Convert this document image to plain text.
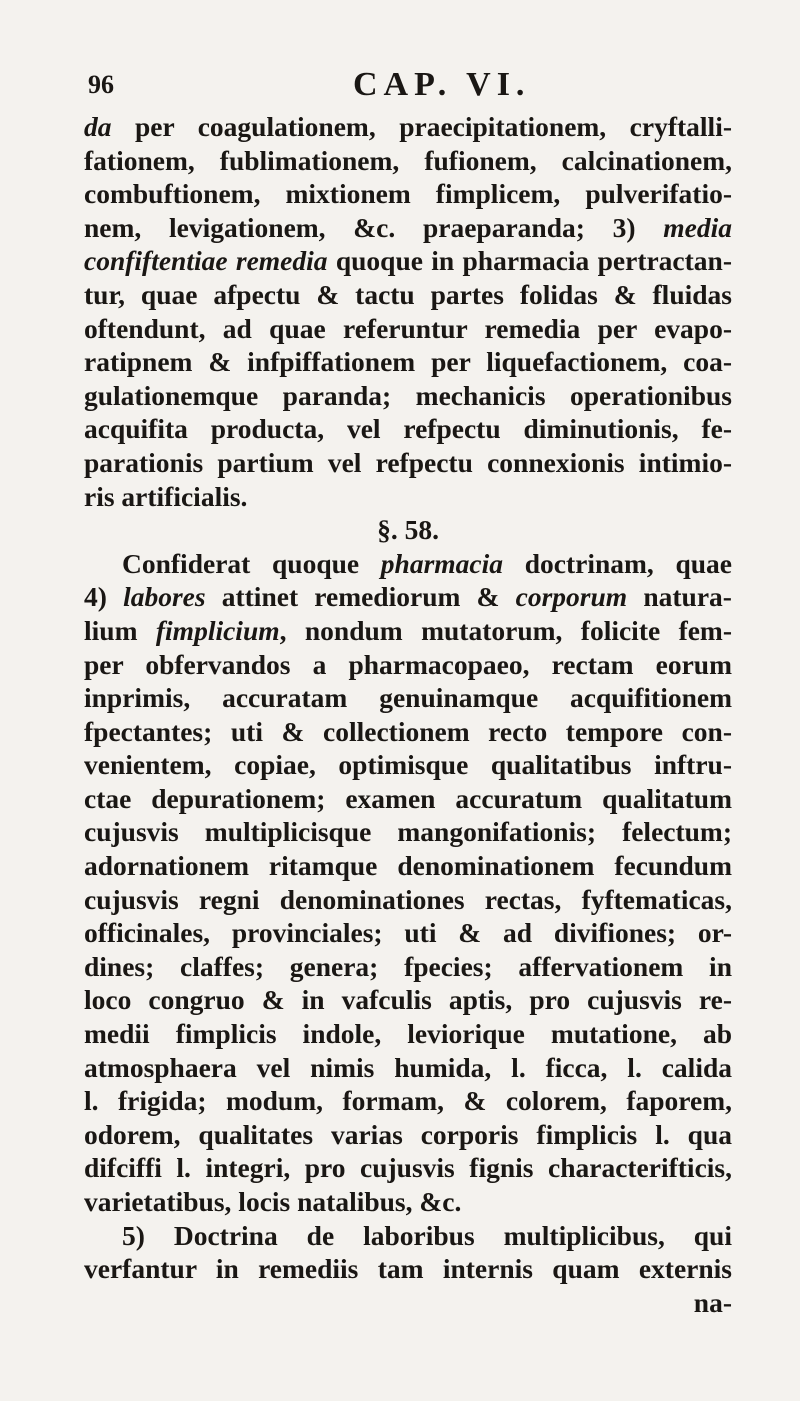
96	CAP. VI.
da per coagulationem, praecipitationem, cryftalli-
fationem, fublimationem, fufionem, calcinationem,
combuftionem, mixtionem fimplicem, pulverifatio-
nem, levigationem, &c. praeparanda; 3) media
confiftentiae remedia quoque in pharmacia pertractan-
tur, quae afpectu & tactu partes folidas & fluidas
oftendunt, ad quae referuntur remedia per evapo-
ratipnem & infpiffationem per liquefactionem, coa-
gulationemque paranda; mechanicis operationibus
acquifita producta, vel refpectu diminutionis, fe-
parationis partium vel refpectu connexionis intimio-
ris artificialis.
§. 58.
Confiderat quoque pharmacia doctrinam, quae
4) labores attinet remediorum & corporum natura-
lium fimplicium, nondum mutatorum, folicite fem-
per obfervandos a pharmacopaeo, rectam eorum
inprimis, accuratam genuinamque acquifitionem
fpectantes; uti & collectionem recto tempore con-
venientem, copiae, optimisque qualitatibus inftru-
ctae depurationem; examen accuratum qualitatum
cujusvis multiplicisque mangonifationis; felectum;
adornationem ritamque denominationem fecundum
cujusvis regni denominationes rectas, fyftematicas,
officinales, provinciales; uti & ad divifiones; or-
dines; claffes; genera; fpecies; affervationem in
loco congruo & in vafculis aptis, pro cujusvis re-
medii fimplicis indole, leviorique mutatione, ab
atmosphaera vel nimis humida, l. ficca, l. calida
l. frigida; modum, formam, & colorem, faporem,
odorem, qualitates varias corporis fimplicis l. qua
difciffi l. integri, pro cujusvis fignis characterifticis,
varietatibus, locis natalibus, &c.
5) Doctrina de laboribus multiplicibus, qui
verfantur in remediis tam internis quam externis
na-
